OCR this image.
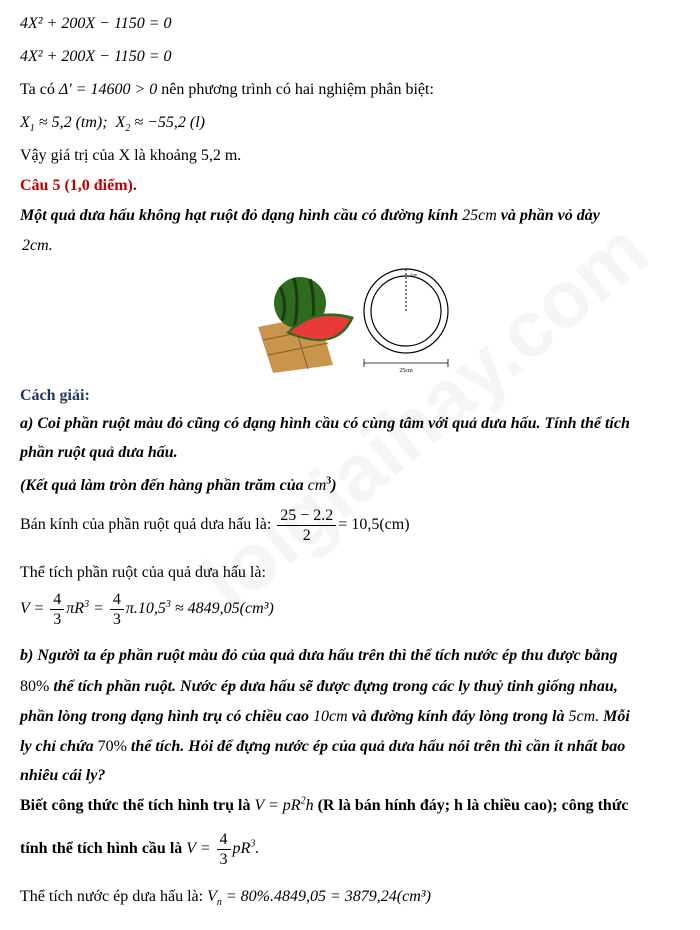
4X² + 200X − 1150 = 0
4X² + 200X − 1150 = 0
Ta có Δ' = 14600 > 0 nên phương trình có hai nghiệm phân biệt:
$X_1 \approx 5,2$ (tm);  $X_2 \approx -55,2$ (l)
Vậy giá trị của X là khoảng 5,2 m.
Câu 5 (1,0 điểm).
Một quả dưa hấu không hạt ruột đỏ dạng hình cầu có đường kính 25cm và phần vỏ dày
2cm.
25cm
2cm
Cách giải:
a) Coi phần ruột màu đỏ cũng có dạng hình cầu có cùng tâm với quả dưa hấu. Tính thể tích
phần ruột quả dưa hấu.
(Kết quả làm tròn đến hàng phần trăm của $cm^3$)
Bán kính của phần ruột quả dưa hấu là: $\frac{25 - 2.2}{2} = 10,5(cm)$
Thể tích phần ruột của quả dưa hấu là:
$V = \frac{4}{3} \pi R^3 = \frac{4}{3} \pi.10,5^3 \approx 4849,05(cm^3)$
b) Người ta ép phần ruột màu đỏ của quả dưa hấu trên thì thể tích nước ép thu được bằng
80% thể tích phần ruột. Nước ép dưa hấu sẽ được đựng trong các ly thuỷ tinh giống nhau,
phần lòng trong dạng hình trụ có chiều cao 10cm và đường kính đáy lòng trong là 5cm. Mỗi
ly chỉ chứa 70% thể tích. Hỏi để đựng nước ép của quả dưa hấu nói trên thì cần ít nhất bao
nhiêu cái ly?
Biết công thức thể tích hình trụ là $V = pR^2h$ (R là bán hính đáy; h là chiều cao); công thức
tính thể tích hình cầu là $V = \frac{4}{3} pR^3$.
Thể tích nước ép dưa hấu là: $V_n = 80\%.4849,05 = 3879,24(cm^3)$
